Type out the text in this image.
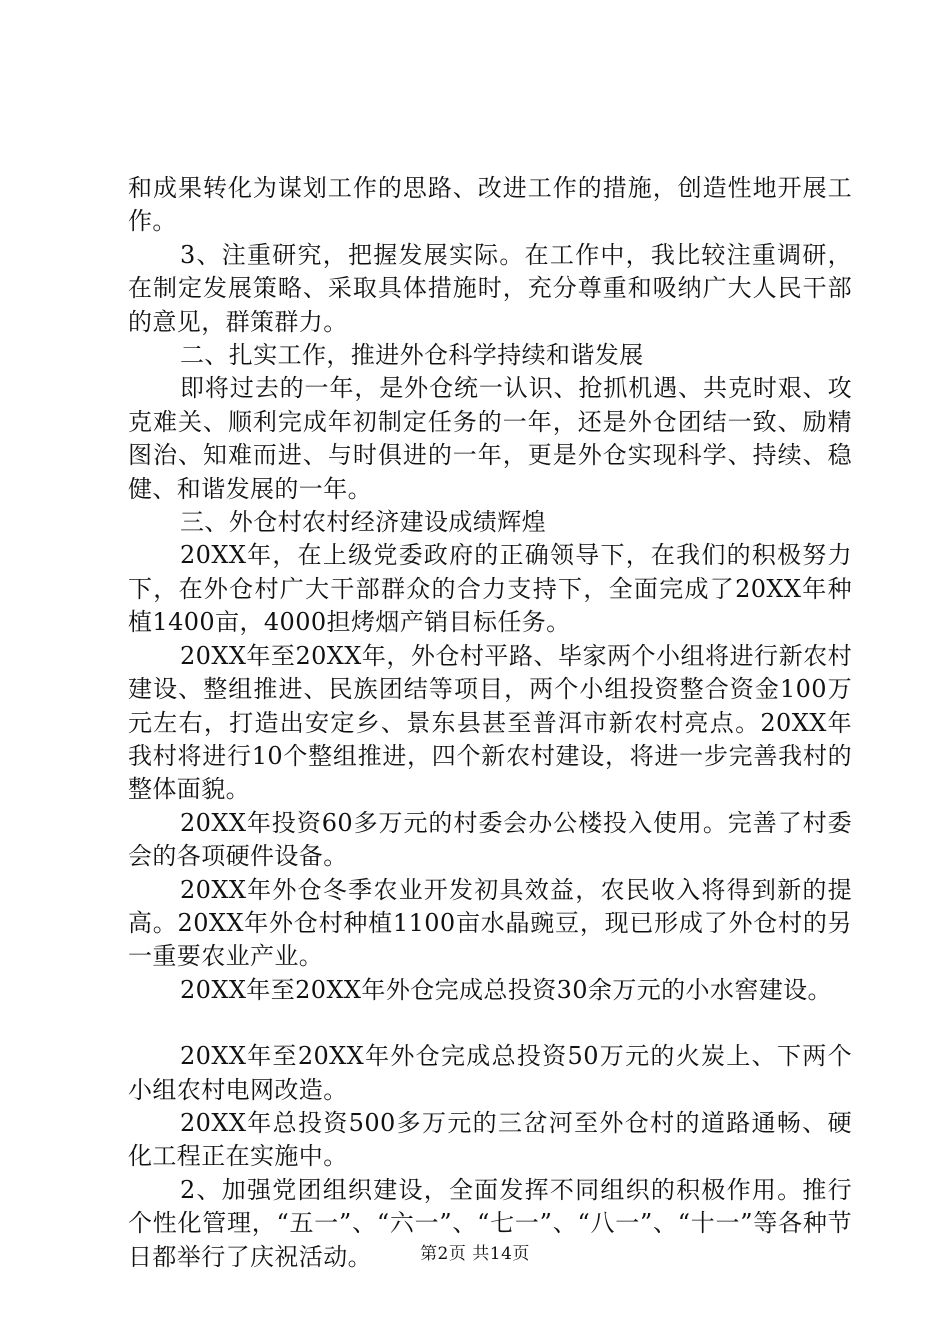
和成果转化为谋划工作的思路、改进工作的措施，创造性地开展工作。

3、注重研究，把握发展实际。在工作中，我比较注重调研，在制定发展策略、采取具体措施时，充分尊重和吸纳广大人民干部的意见，群策群力。

二、扎实工作，推进外仓科学持续和谐发展

即将过去的一年，是外仓统一认识、抢抓机遇、共克时艰、攻克难关、顺利完成年初制定任务的一年，还是外仓团结一致、励精图治、知难而进、与时俱进的一年，更是外仓实现科学、持续、稳健、和谐发展的一年。

三、外仓村农村经济建设成绩辉煌

20XX年，在上级党委政府的正确领导下，在我们的积极努力下，在外仓村广大干部群众的合力支持下，全面完成了20XX年种植1400亩，4000担烤烟产销目标任务。

20XX年至20XX年，外仓村平路、毕家两个小组将进行新农村建设、整组推进、民族团结等项目，两个小组投资整合资金100万元左右，打造出安定乡、景东县甚至普洱市新农村亮点。20XX年我村将进行10个整组推进，四个新农村建设，将进一步完善我村的整体面貌。

20XX年投资60多万元的村委会办公楼投入使用。完善了村委会的各项硬件设备。

20XX年外仓冬季农业开发初具效益，农民收入将得到新的提高。20XX年外仓村种植1100亩水晶豌豆，现已形成了外仓村的另一重要农业产业。

20XX年至20XX年外仓完成总投资30余万元的小水窖建设。

20XX年至20XX年外仓完成总投资50万元的火炭上、下两个小组农村电网改造。

20XX年总投资500多万元的三岔河至外仓村的道路通畅、硬化工程正在实施中。

2、加强党团组织建设，全面发挥不同组织的积极作用。推行个性化管理，“五一”、“六一”、“七一”、“八一”、“十一”等各种节日都举行了庆祝活动。	第2页 共14页
